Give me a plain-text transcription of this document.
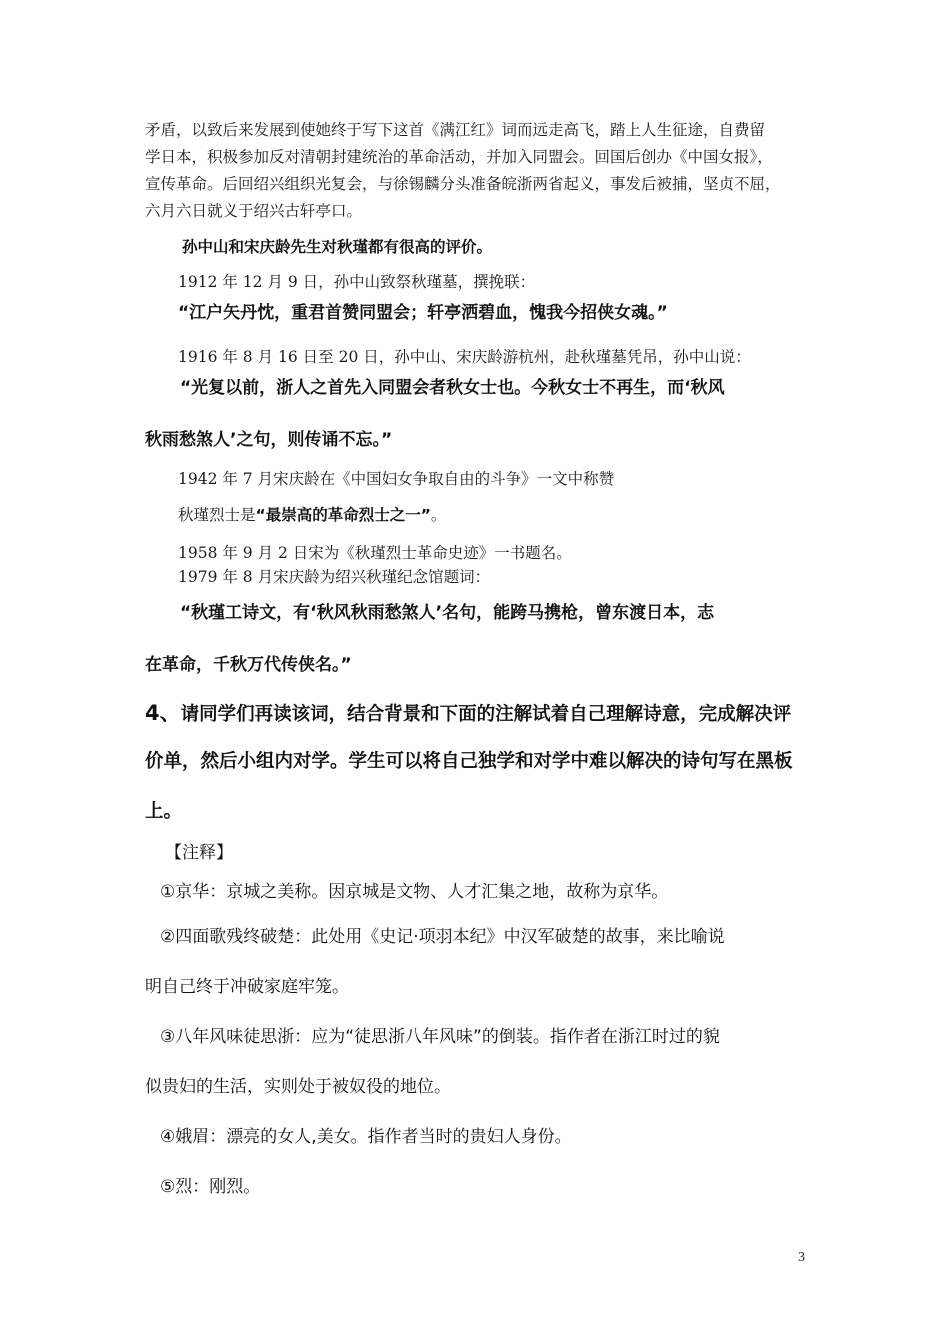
矛盾，以致后来发展到使她终于写下这首《满江红》词而远走高飞，踏上人生征途，自费留
学日本，积极参加反对清朝封建统治的革命活动，并加入同盟会。回国后创办《中国女报》，
宣传革命。后回绍兴组织光复会，与徐锡麟分头准备皖浙两省起义，事发后被捕，坚贞不屈，
六月六日就义于绍兴古轩亭口。
孙中山和宋庆龄先生对秋瑾都有很高的评价。
1912 年 12 月 9 日，孙中山致祭秋瑾墓，撰挽联：
“江户矢丹忱，重君首赞同盟会；轩亭洒碧血，愧我今招侠女魂。”
1916 年 8 月 16 日至 20 日，孙中山、宋庆龄游杭州，赴秋瑾墓凭吊，孙中山说：
“光复以前，浙人之首先入同盟会者秋女士也。今秋女士不再生，而‘秋风
秋雨愁煞人’之句，则传诵不忘。”
1942 年 7 月宋庆龄在《中国妇女争取自由的斗争》一文中称赞
秋瑾烈士是“最崇高的革命烈士之一”。
1958 年 9 月 2 日宋为《秋瑾烈士革命史迹》一书题名。
1979 年 8 月宋庆龄为绍兴秋瑾纪念馆题词：
“秋瑾工诗文，有‘秋风秋雨愁煞人’名句，能跨马携枪，曾东渡日本，志
在革命，千秋万代传侠名。”
4、请同学们再读该词，结合背景和下面的注解试着自己理解诗意，完成解决评
价单，然后小组内对学。学生可以将自己独学和对学中难以解决的诗句写在黑板
上。
【注释】
①京华：京城之美称。因京城是文物、人才汇集之地，故称为京华。
②四面歌残终破楚：此处用《史记·项羽本纪》中汉军破楚的故事，来比喻说
明自己终于冲破家庭牢笼。
③八年风味徒思浙：应为“徒思浙八年风味”的倒装。指作者在浙江时过的貌
似贵妇的生活，实则处于被奴役的地位。
④娥眉：漂亮的女人,美女。指作者当时的贵妇人身份。
⑤烈：刚烈。
3
